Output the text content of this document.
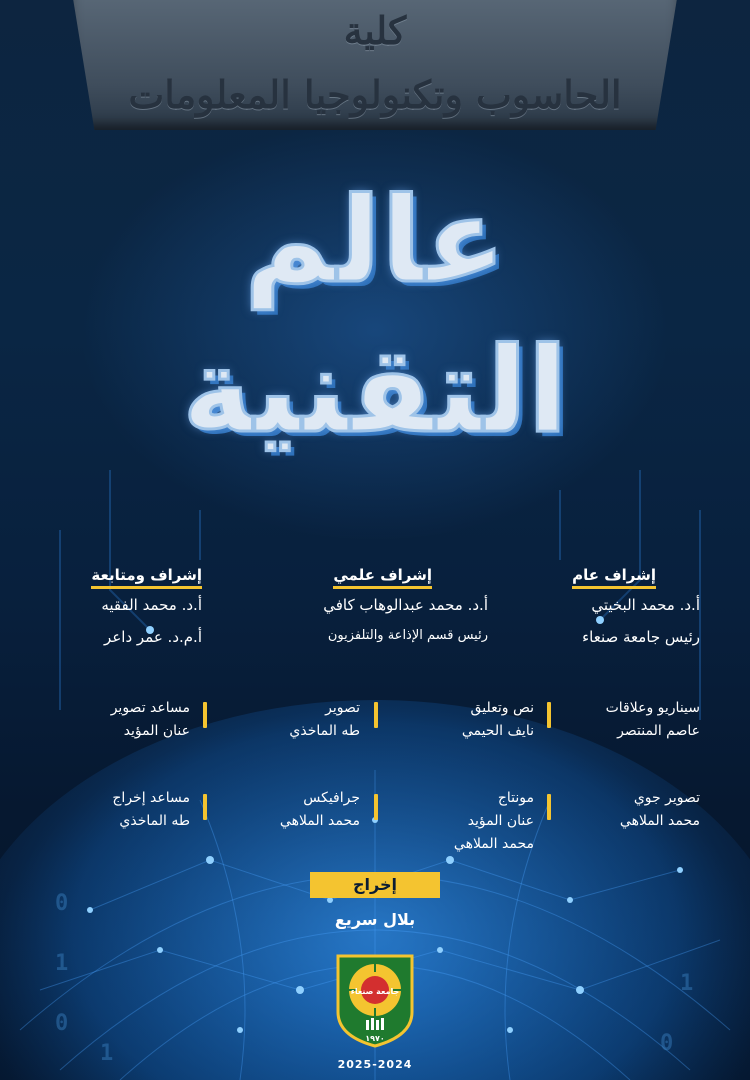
0
1
0
1
1
0
كلية
الحاسوب وتكنولوجيا المعلومات
عالم
التقنية
إشراف عام
أ.د. محمد البخيتي
رئيس جامعة صنعاء
إشراف علمي
أ.د. محمد عبدالوهاب كافي
رئيس قسم الإذاعة والتلفزيون
إشراف ومتابعة
أ.د. محمد الفقيه
أ.م.د. عمر داعر
سيناريو وعلاقات
عاصم المنتصر
نص وتعليق
نايف الحيمي
تصوير
طه الماخذي
مساعد تصوير
عنان المؤيد
تصوير جوي
محمد الملاهي
مونتاج
عنان المؤيد
محمد الملاهي
جرافيكس
محمد الملاهي
مساعد إخراج
طه الماخذي
إخراج
بلال سريع
جامعة صنعاء
١٩٧٠
2025-2024
